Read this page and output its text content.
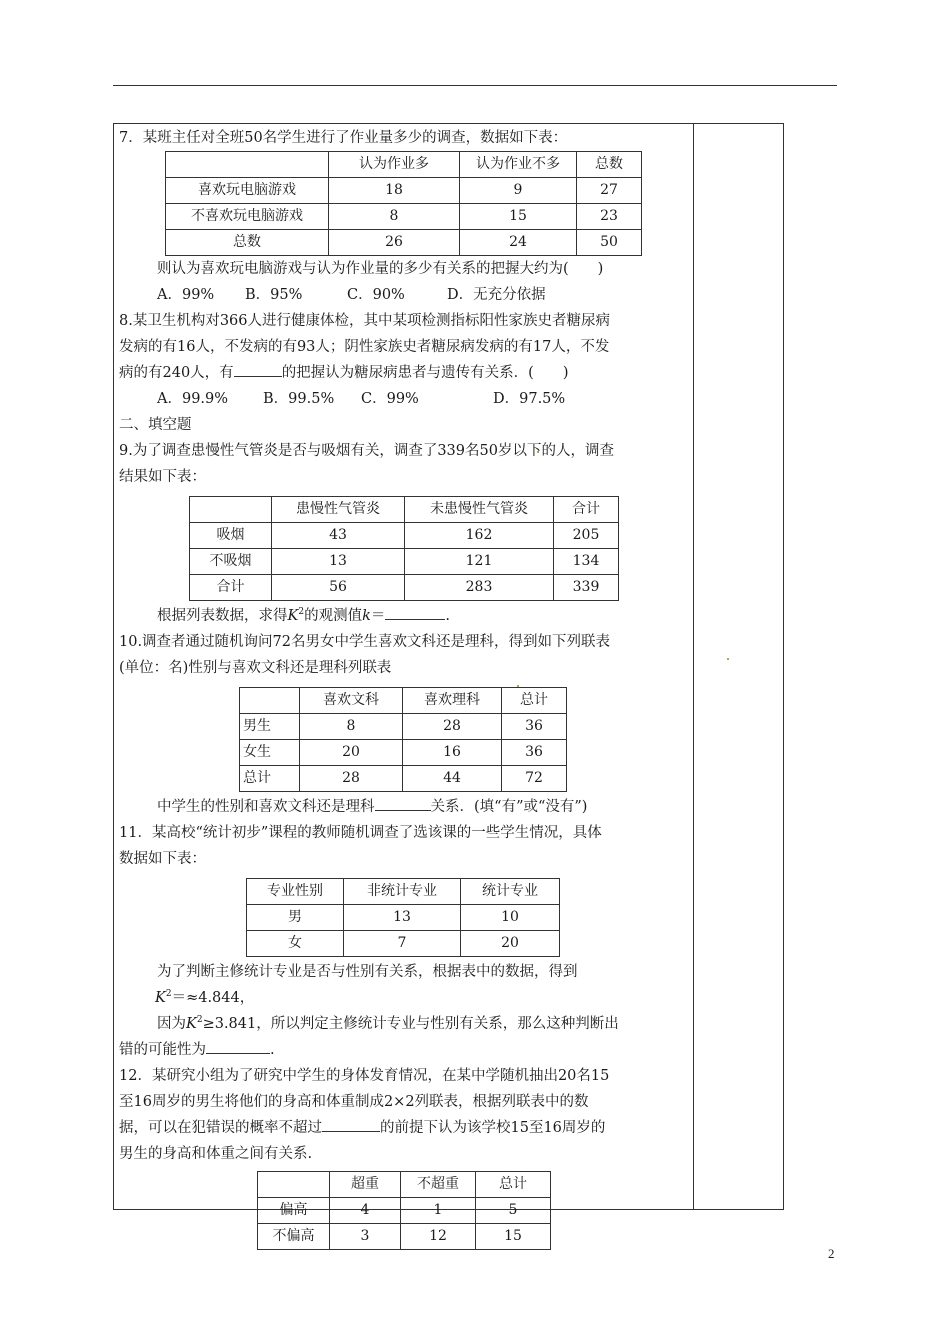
7．某班主任对全班50名学生进行了作业量多少的调查，数据如下表：

	认为作业多	认为作业不多	总数
喜欢玩电脑游戏	18	9	27
不喜欢玩电脑游戏	8	15	23
总数	26	24	50

则认为喜欢玩电脑游戏与认为作业量的多少有关系的把握大约为(　　)

A．99% B．95%	C．90%	D．无充分依据

8.某卫生机构对366人进行健康体检，其中某项检测指标阳性家族史者糖尿病

发病的有16人，不发病的有93人；阴性家族史者糖尿病发病的有17人，不发

病的有240人，有	的把握认为糖尿病患者与遗传有关系．(　　)

A．99.9% B．99.5% C．99%	D．97.5%

二、填空题

9.为了调查患慢性气管炎是否与吸烟有关，调查了339名50岁以下的人，调查

结果如下表：

	患慢性气管炎	未患慢性气管炎	合计
吸烟	43	162	205
不吸烟	13	121	134
合计	56	283	339

根据列表数据，求得$K^2$的观测值k＝	.

10.调查者通过随机询问72名男女中学生喜欢文科还是理科，得到如下列联表

(单位：名)性别与喜欢文科还是理科列联表

	喜欢文科	喜欢理科	总计
男生	8	28	36
女生	20	16	36
总计	28	44	72

中学生的性别和喜欢文科还是理科	关系．(填“有”或“没有”)

11．某高校“统计初步”课程的教师随机调查了选该课的一些学生情况，具体

数据如下表：

专业性别	非统计专业	统计专业
男	13	10
女	7	20

为了判断主修统计专业是否与性别有关系，根据表中的数据，得到

$K^2=\approx 4.844$，

因为$K^2\ge 3.841$，所以判定主修统计专业与性别有关系，那么这种判断出

错的可能性为	.

12．某研究小组为了研究中学生的身体发育情况，在某中学随机抽出20名15

至16周岁的男生将他们的身高和体重制成2×2列联表，根据列联表中的数

据，可以在犯错误的概率不超过	的前提下认为该学校15至16周岁的

男生的身高和体重之间有关系.

	超重	不超重	总计
偏高	4	1	5
不偏高	3	12	15
2
